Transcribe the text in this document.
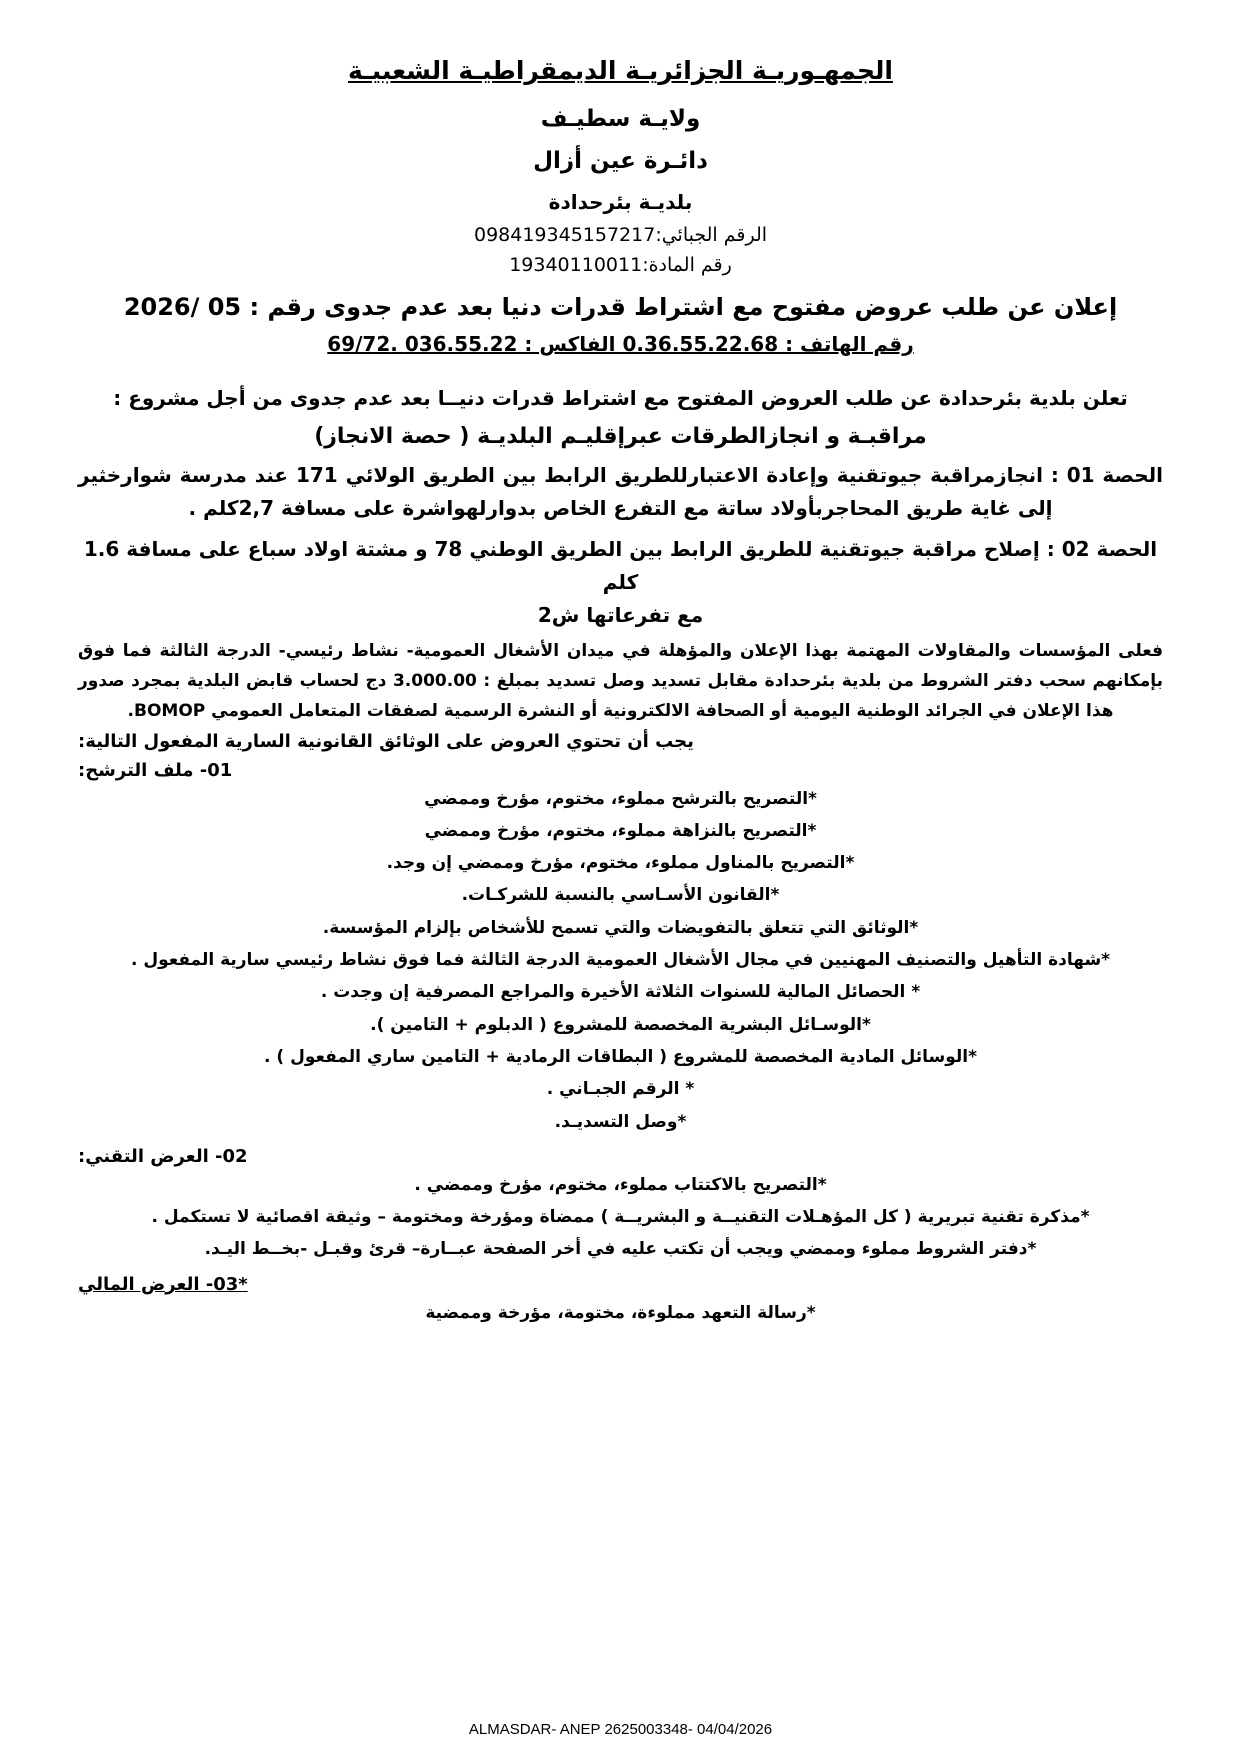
الجمهـوريـة الجزائريـة الديمقراطيـة الشعبيـة
ولايـة سطيـف
دائـرة عين أزال
بلديـة بئرحدادة
الرقم الجبائي:098419345157217
رقم المادة:19340110011
إعلان عن طلب عروض مفتوح مع اشتراط قدرات دنيا بعد عدم جدوى رقم : 05 /2026
رقم الهاتف : 0.36.55.22.68 الفاكس : 036.55.22 .69/72
تعلن بلدية بئرحدادة عن طلب العروض المفتوح مع اشتراط قدرات دنيــا بعد عدم جدوى من أجل مشروع :
مراقبـة و انجازالطرقات عبرإقليـم البلديـة ( حصة الانجاز)
الحصة 01 : انجازمراقبة جيوتقنية وإعادة الاعتبارللطريق الرابط بين الطريق الولائي 171 عند مدرسة شوارخثير إلى غاية طريق المحاجربأولاد ساتة مع التفرع الخاص بدوارلهواشرة على مسافة 2,7كلم .
الحصة 02 : إصلاح مراقبة جيوتقنية للطريق الرابط بين الطريق الوطني 78 و مشتة اولاد سباع على مسافة 1.6 كلم
مع تفرعاتها ش2
فعلى المؤسسات والمقاولات المهتمة بهذا الإعلان والمؤهلة في ميدان الأشغال العمومية- نشاط رئيسي- الدرجة الثالثة فما فوق بإمكانهم سحب دفتر الشروط من بلدية بئرحدادة مقابل تسديد وصل تسديد بمبلغ : 3.000.00 دج لحساب قابض البلدية بمجرد صدور هذا الإعلان في الجرائد الوطنية اليومية أو الصحافة الالكترونية أو النشرة الرسمية لصفقات المتعامل العمومي BOMOP.
يجب أن تحتوي العروض على الوثائق القانونية السارية المفعول التالية:
01- ملف الترشح:
*التصريح بالترشح مملوء، مختوم، مؤرخ وممضي
*التصريح بالنزاهة مملوء، مختوم، مؤرخ وممضي
*التصريح بالمناول مملوء، مختوم، مؤرخ وممضي إن وجد.
*القانون الأسـاسي بالنسبة للشركـات.
*الوثائق التي تتعلق بالتفويضات والتي تسمح للأشخاص بإلزام المؤسسة.
*شهادة التأهيل والتصنيف المهنيين في مجال الأشغال العمومية الدرجة الثالثة فما فوق نشاط رئيسي سارية المفعول .
* الحصائل المالية للسنوات الثلاثة الأخيرة والمراجع المصرفية إن وجدت .
*الوسـائل البشرية المخصصة للمشروع ( الدبلوم + التامين ).
*الوسائل المادية المخصصة للمشروع ( البطاقات الرمادية + التامين ساري المفعول ) .
* الرقم الجبـاني .
*وصل التسديـد.
02- العرض التقني:
*التصريح بالاكتتاب مملوء، مختوم، مؤرخ وممضي .
*مذكرة تقنية تبريرية ( كل المؤهـلات التقنيــة و البشريــة ) ممضاة ومؤرخة ومختومة – وثيقة اقصائية لا تستكمل .
*دفتر الشروط مملوء وممضي ويجب أن تكتب عليه في أخر الصفحة عبــارة– قرئ وقبـل -بخــط اليـد.
*03- العرض المالي
*رسالة التعهد مملوءة، مختومة، مؤرخة وممضية
ALMASDAR- ANEP 2625003348- 04/04/2026
